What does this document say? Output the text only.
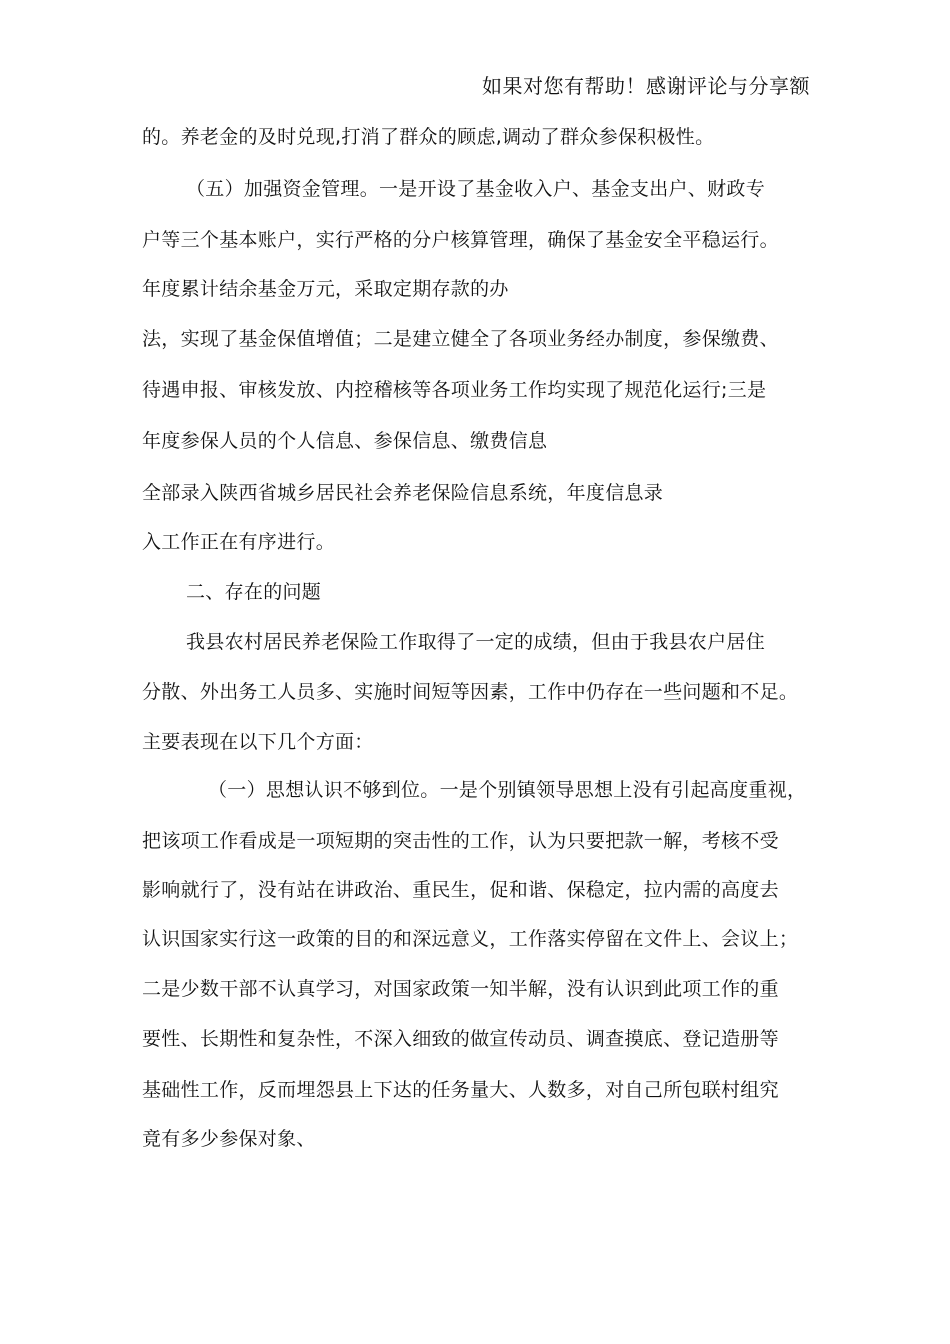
如果对您有帮助！感谢评论与分享额
的。养老金的及时兑现,打消了群众的顾虑,调动了群众参保积极性。
（五）加强资金管理。一是开设了基金收入户、基金支出户、财政专
户等三个基本账户，实行严格的分户核算管理，确保了基金安全平稳运行。
年度累计结余基金万元，采取定期存款的办
法，实现了基金保值增值；二是建立健全了各项业务经办制度，参保缴费、
待遇申报、审核发放、内控稽核等各项业务工作均实现了规范化运行;三是
年度参保人员的个人信息、参保信息、缴费信息
全部录入陕西省城乡居民社会养老保险信息系统，年度信息录
入工作正在有序进行。
二、存在的问题
我县农村居民养老保险工作取得了一定的成绩，但由于我县农户居住
分散、外出务工人员多、实施时间短等因素，工作中仍存在一些问题和不足。
主要表现在以下几个方面：
（一）思想认识不够到位。一是个别镇领导思想上没有引起高度重视，
把该项工作看成是一项短期的突击性的工作，认为只要把款一解，考核不受
影响就行了，没有站在讲政治、重民生，促和谐、保稳定，拉内需的高度去
认识国家实行这一政策的目的和深远意义，工作落实停留在文件上、会议上；
二是少数干部不认真学习，对国家政策一知半解，没有认识到此项工作的重
要性、长期性和复杂性，不深入细致的做宣传动员、调查摸底、登记造册等
基础性工作，反而埋怨县上下达的任务量大、人数多，对自己所包联村组究
竟有多少参保对象、
